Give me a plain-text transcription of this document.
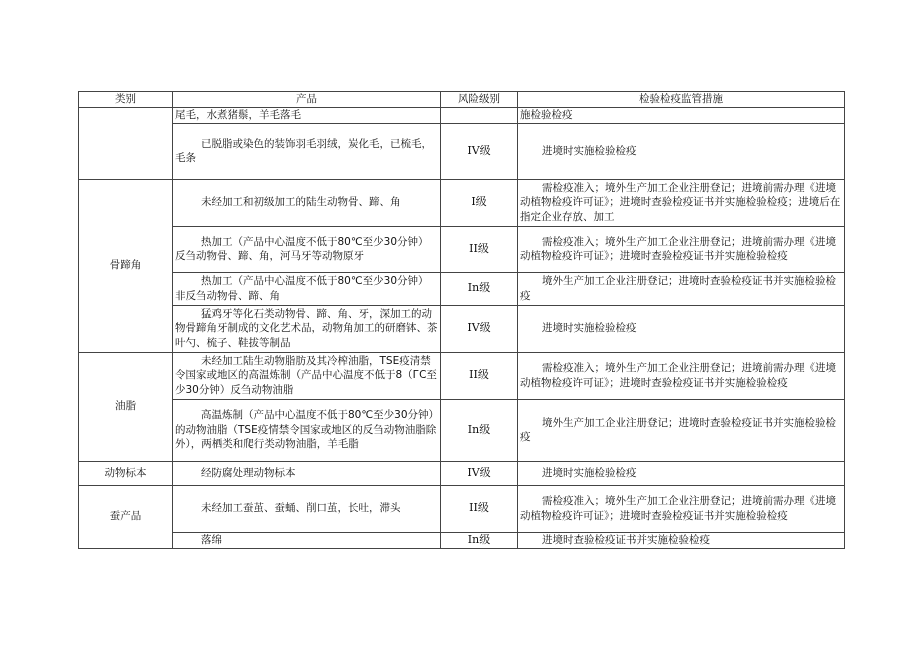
类别	产品	风险级别	检验检疫监管措施
	尾毛，水煮猪鬃，羊毛落毛		施检验检疫
	已脱脂或染色的装饰羽毛羽绒，炭化毛，已梳毛，毛条	IV级	进境时实施检验检疫
骨蹄角	未经加工和初级加工的陆生动物骨、蹄、角	I级	需检疫准入；境外生产加工企业注册登记；进境前需办理《进境动植物检疫许可证》；进境时查验检疫证书并实施检验检疫；进境后在指定企业存放、加工
	热加工（产品中心温度不低于80℃至少30分钟）反刍动物骨、蹄、角，河马牙等动物原牙	II级	需检疫准入；境外生产加工企业注册登记；进境前需办理《进境动植物检疫许可证》；进境时查验检疫证书并实施检验检疫
	热加工（产品中心温度不低于80℃至少30分钟）非反刍动物骨、蹄、角	In级	境外生产加工企业注册登记；进境时查验检疫证书并实施检验检疫
	猛鸡牙等化石类动物骨、蹄、角、牙，深加工的动物骨蹄角牙制成的文化艺术品，动物角加工的研磨钵、茶叶勺、梳子、鞋拔等制品	IV级	进境时实施检验检疫
油脂	未经加工陆生动物脂肪及其冷榨油脂，TSE疫清禁令国家或地区的高温炼制（产品中心温度不低于8（ГC至少30分钟）反刍动物油脂	II级	需检疫准入；境外生产加工企业注册登记；进境前需办理《进境动植物检疫许可证》；进境时查验检疫证书并实施检验检疫
	高温炼制（产品中心温度不低于80℃至少30分钟）的动物油脂（TSE疫情禁令国家或地区的反刍动物油脂除外），两栖类和爬行类动物油脂，羊毛脂	In级	境外生产加工企业注册登记；进境时查验检疫证书并实施检验检疫
动物标本	经防腐处理动物标本	IV级	进境时实施检验检疫
蚕产品	未经加工蚕茧、蚕蛹、削口茧，长吐，滞头	II级	需检疫准入；境外生产加工企业注册登记；进境前需办理《进境动植物检疫许可证》；进境时查验检疫证书并实施检验检疫
	落绵	In级	进境时查验检疫证书并实施检验检疫
